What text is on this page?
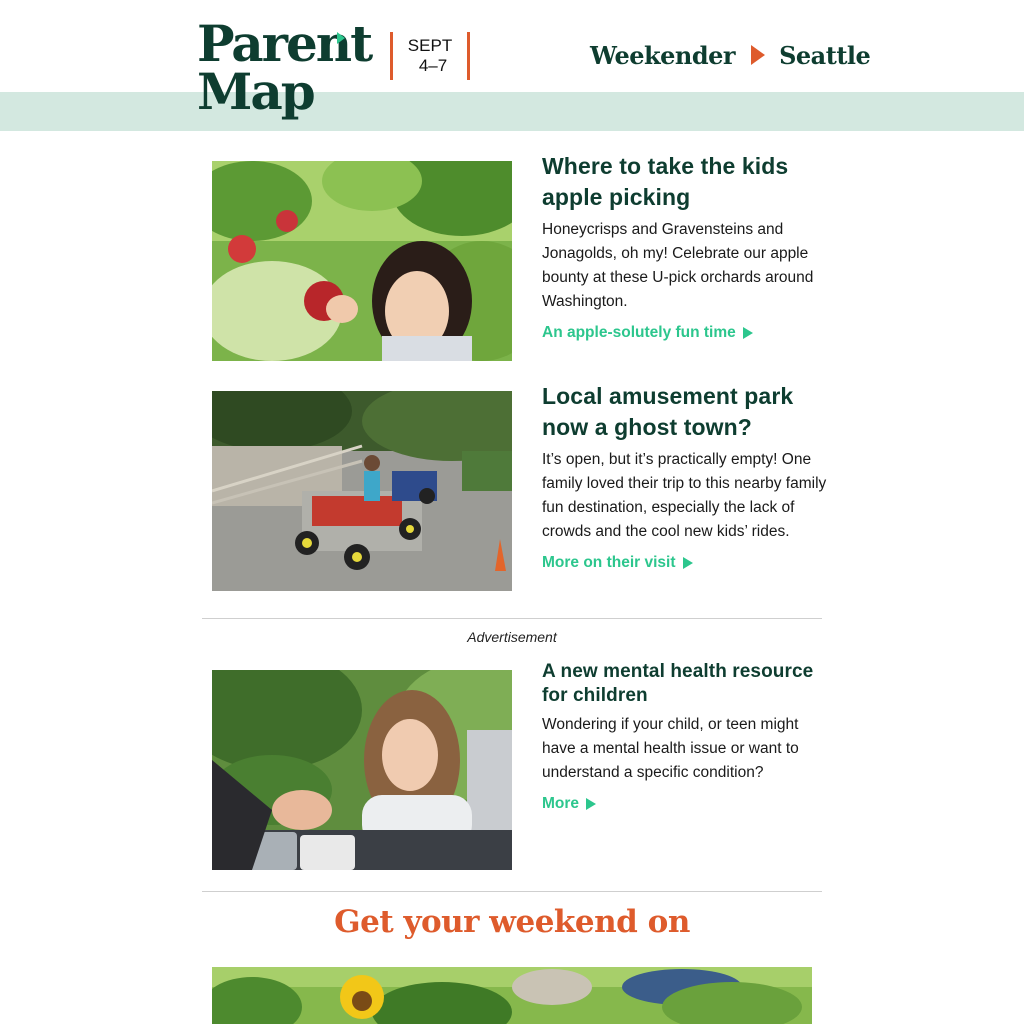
Parent
Map
SEPT
4–7	Weekender Seattle
Where to take the kids apple picking

Honeycrisps and Gravensteins and Jonagolds, oh my! Celebrate our apple bounty at these U-pick orchards around Washington.

An apple-solutely fun time
Local amusement park now a ghost town?

It’s open, but it’s practically empty! One family loved their trip to this nearby family fun destination, especially the lack of crowds and the cool new kids’ rides.

More on their visit
Advertisement
A new mental health resource for children

Wondering if your child, or teen might have a mental health issue or want to understand a specific condition?

More
Get your weekend on
